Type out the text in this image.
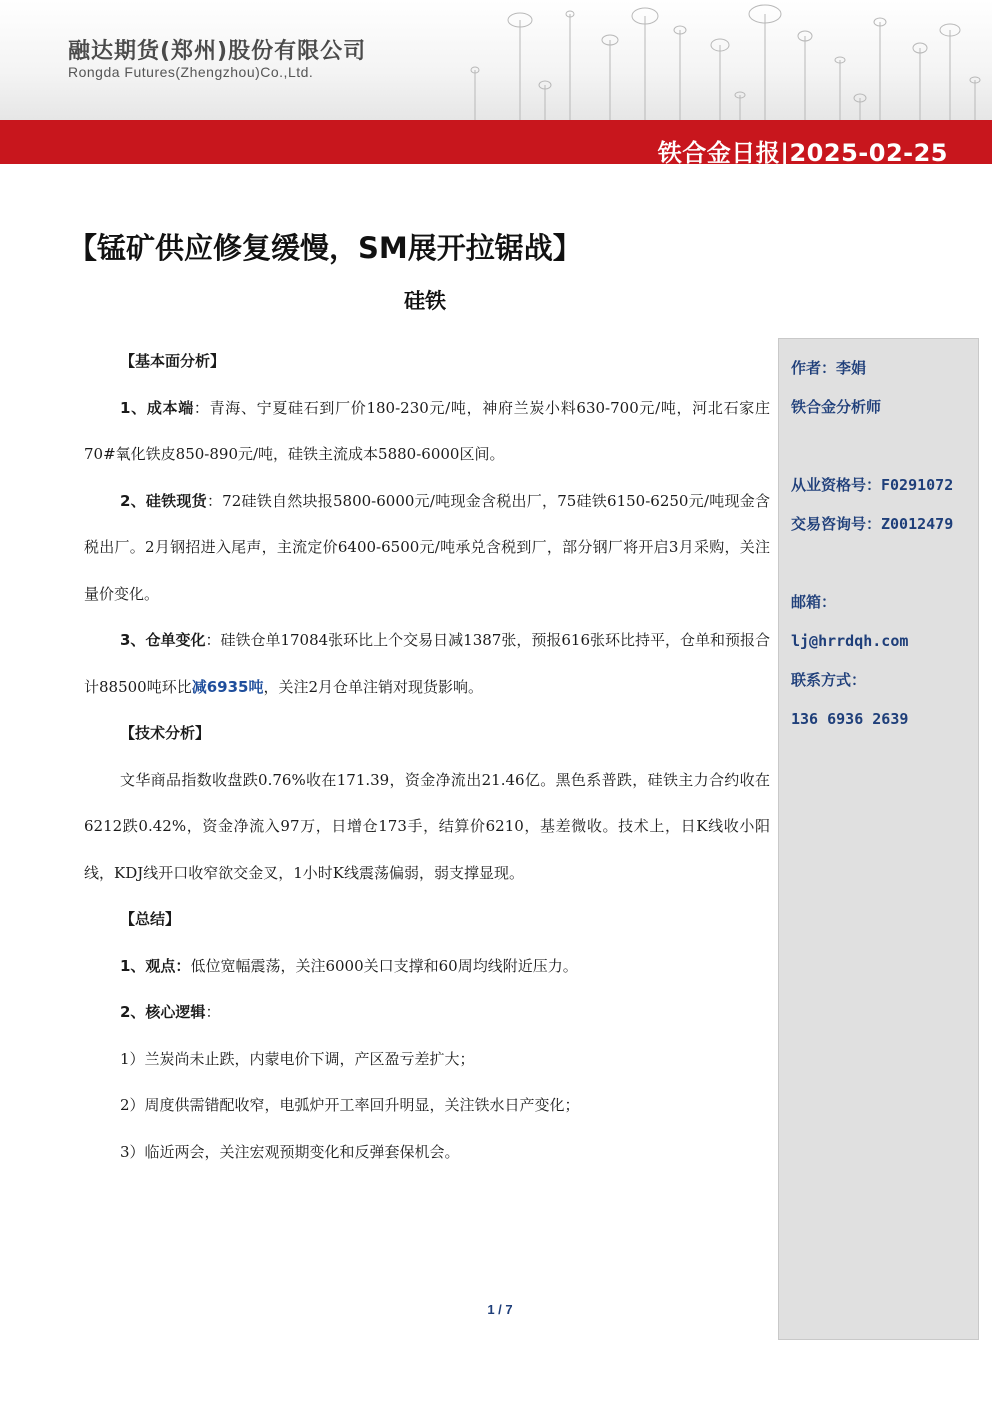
融达期货(郑州)股份有限公司
Rongda Futures(Zhengzhou)Co.,Ltd.
铁合金日报|2025-02-25
【锰矿供应修复缓慢，SM展开拉锯战】
硅铁

【基本面分析】

1、成本端：青海、宁夏硅石到厂价180-230元/吨，神府兰炭小料630-700元/吨，河北石家庄70#氧化铁皮850-890元/吨，硅铁主流成本5880-6000区间。

2、硅铁现货：72硅铁自然块报5800-6000元/吨现金含税出厂，75硅铁6150-6250元/吨现金含税出厂。2月钢招进入尾声，主流定价6400-6500元/吨承兑含税到厂，部分钢厂将开启3月采购，关注量价变化。

3、仓单变化：硅铁仓单17084张环比上个交易日减1387张，预报616张环比持平，仓单和预报合计88500吨环比减6935吨，关注2月仓单注销对现货影响。

【技术分析】

文华商品指数收盘跌0.76%收在171.39，资金净流出21.46亿。黑色系普跌，硅铁主力合约收在6212跌0.42%，资金净流入97万，日增仓173手，结算价6210，基差微收。技术上，日K线收小阳线，KDJ线开口收窄欲交金叉，1小时K线震荡偏弱，弱支撑显现。

【总结】

1、观点：低位宽幅震荡，关注6000关口支撑和60周均线附近压力。

2、核心逻辑：

1）兰炭尚未止跌，内蒙电价下调，产区盈亏差扩大；

2）周度供需错配收窄，电弧炉开工率回升明显，关注铁水日产变化；

3）临近两会，关注宏观预期变化和反弹套保机会。

作者：李娟
铁合金分析师
从业资格号：F0291072
交易咨询号：Z0012479
邮箱：
lj@hrrdqh.com
联系方式：
136 6936 2639
1 / 7
